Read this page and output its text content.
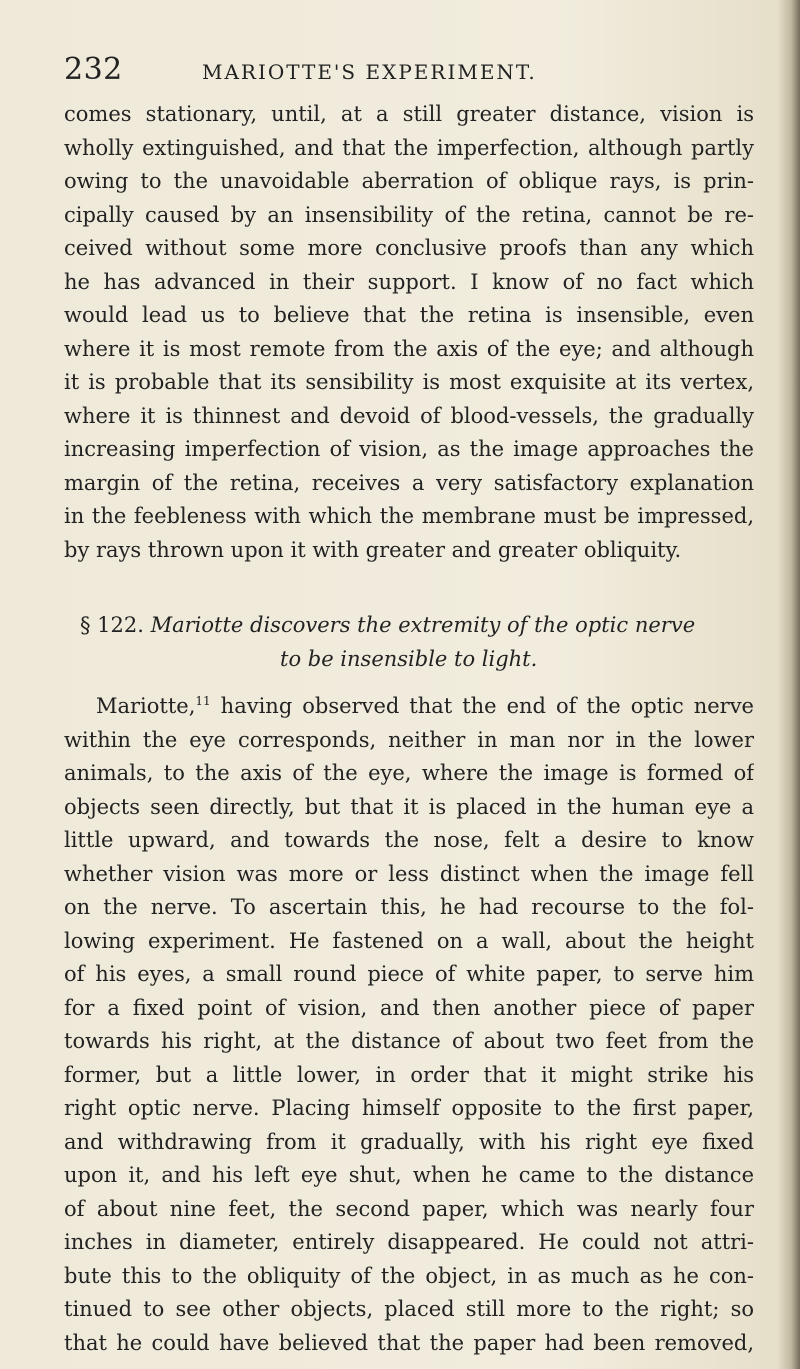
232	MARIOTTE'S EXPERIMENT.
comes stationary, until, at a still greater distance, vision is
wholly extinguished, and that the imperfection, although partly
owing to the unavoidable aberration of oblique rays, is prin-
cipally caused by an insensibility of the retina, cannot be re-
ceived without some more conclusive proofs than any which
he has advanced in their support. I know of no fact which
would lead us to believe that the retina is insensible, even
where it is most remote from the axis of the eye; and although
it is probable that its sensibility is most exquisite at its vertex,
where it is thinnest and devoid of blood-vessels, the gradually
increasing imperfection of vision, as the image approaches the
margin of the retina, receives a very satisfactory explanation
in the feebleness with which the membrane must be impressed,
by rays thrown upon it with greater and greater obliquity.
§ 122. Mariotte discovers the extremity of the optic nerve
to be insensible to light.
Mariotte,$^{11}$ having observed that the end of the optic nerve
within the eye corresponds, neither in man nor in the lower
animals, to the axis of the eye, where the image is formed of
objects seen directly, but that it is placed in the human eye a
little upward, and towards the nose, felt a desire to know
whether vision was more or less distinct when the image fell
on the nerve. To ascertain this, he had recourse to the fol-
lowing experiment. He fastened on a wall, about the height
of his eyes, a small round piece of white paper, to serve him
for a fixed point of vision, and then another piece of paper
towards his right, at the distance of about two feet from the
former, but a little lower, in order that it might strike his
right optic nerve. Placing himself opposite to the first paper,
and withdrawing from it gradually, with his right eye fixed
upon it, and his left eye shut, when he came to the distance
of about nine feet, the second paper, which was nearly four
inches in diameter, entirely disappeared. He could not attri-
bute this to the obliquity of the object, in as much as he con-
tinued to see other objects, placed still more to the right; so
that he could have believed that the paper had been removed,
